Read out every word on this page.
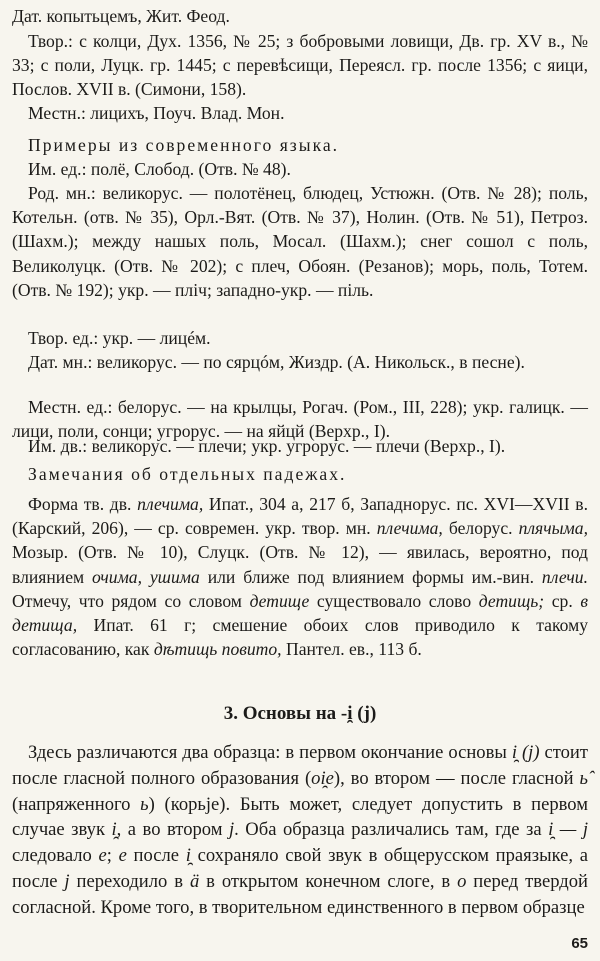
Дат. копытьцемъ, Жит. Феод.

Твор.: с колци, Дух. 1356, № 25; з бобровыми ловищи, Дв. гр. XV в., № 33; с поли, Луцк. гр. 1445; с перевѣсищи, Переясл. гр. после 1356; с яици, Послов. XVII в. (Симони, 158).

Местн.: лицихъ, Поуч. Влад. Мон.

Примеры из современного языка.

Им. ед.: полё, Слобод. (Отв. № 48).

Род. мн.: великорус. — полотёнец, блюдец, Устюжн. (Отв. № 28); поль, Котельн. (отв. № 35), Орл.-Вят. (Отв. № 37), Нолин. (Отв. № 51), Петроз. (Шахм.); между нашых поль, Мосал. (Шахм.); снег сошол с поль, Великолуцк. (Отв. № 202); с плеч, Обоян. (Резанов); морь, поль, Тотем. (Отв. № 192); укр. — пліч; западно-укр. — піль.

Твор. ед.: укр. — лицéм.

Дат. мн.: великорус. — по сярцóм, Жиздр. (А. Никольск., в песне).

Местн. ед.: белорус. — на крылцы, Рогач. (Ром., III, 228); укр. галицк. — лици, поли, сонци; угрорус. — на яйцй (Верхр., I).

Им. дв.: великорус. — плечи; укр. угрорус. — плечи (Верхр., I).

Замечания об отдельных падежах.

Форма тв. дв. плечима, Ипат., 304 а, 217 б, Западнорус. пс. XVI—XVII в. (Карский, 206), — ср. современ. укр. твор. мн. плечима, белорус. плячыма, Мозыр. (Отв. № 10), Слуцк. (Отв. № 12), — явилась, вероятно, под влиянием очима, ушима или ближе под влиянием формы им.-вин. плечи. Отмечу, что рядом со словом детище существовало слово детищь; ср. в детища, Ипат. 61 г; смешение обоих слов приводило к такому согласованию, как дѣтищь повито, Пантел. ев., 113 б.

3. Основы на -i̯ (j)

Здесь различаются два образца: в первом окончание основы i̯ (j) стоит после гласной полного образования (oi̯e), во втором — после гласной ь̂ (напряженного ь) (корьje). Быть может, следует допустить в первом случае звук i̯, а во втором j. Оба образца различались там, где за i̯ — j следовало е; е после i̯ сохраняло свой звук в общерусском праязыке, а после j переходило в ä в открытом конечном слоге, в о перед твердой согласной. Кроме того, в творительном единственного в первом образце

65
